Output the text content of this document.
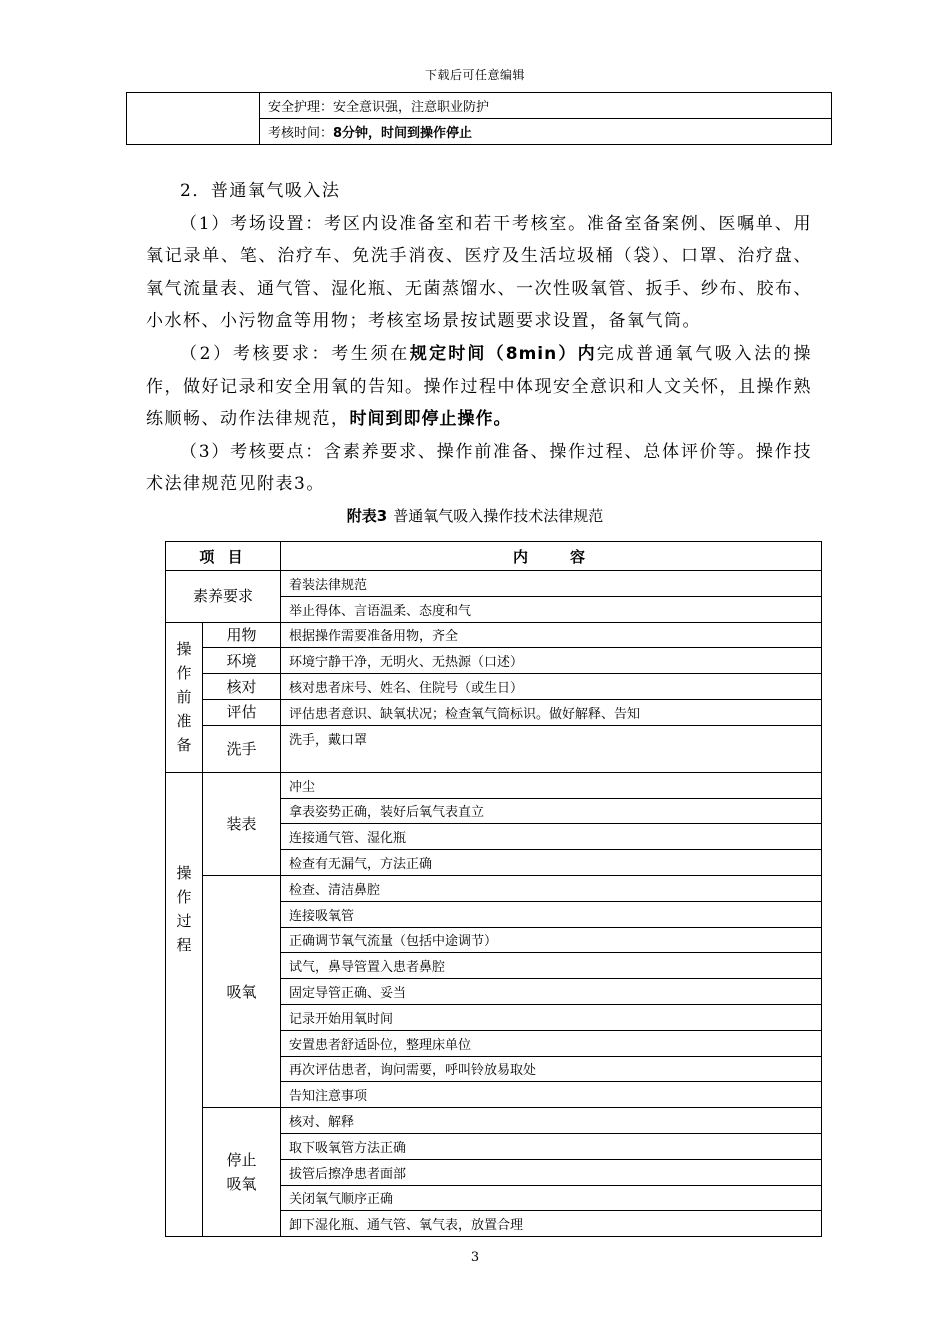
下载后可任意编辑
	安全护理：安全意识强，注意职业防护
考核时间：8分钟，时间到操作停止

2．普通氧气吸入法

（1）考场设置：考区内设准备室和若干考核室。准备室备案例、医嘱单、用氧记录单、笔、治疗车、免洗手消夜、医疗及生活垃圾桶（袋）、口罩、治疗盘、氧气流量表、通气管、湿化瓶、无菌蒸馏水、一次性吸氧管、扳手、纱布、胶布、小水杯、小污物盒等用物；考核室场景按试题要求设置，备氧气筒。

（2）考核要求：考生须在规定时间（8min）内完成普通氧气吸入法的操作，做好记录和安全用氧的告知。操作过程中体现安全意识和人文关怀，且操作熟练顺畅、动作法律规范，时间到即停止操作。

（3）考核要点：含素养要求、操作前准备、操作过程、总体评价等。操作技术法律规范见附表3。

附表3 普通氧气吸入操作技术法律规范
项 目		内　　容
素养要求		着装法律规范
		举止得体、言语温柔、态度和气

操
作
前
准
备	用物	根据操作需要准备用物，齐全
	环境	环境宁静干净，无明火、无热源（口述）
	核对	核对患者床号、姓名、住院号（或生日）
	评估	评估患者意识、缺氧状况；检查氧气筒标识。做好解释、告知
	洗手	洗手，戴口罩

操
作
过
程	装表	冲尘
		拿表姿势正确，装好后氧气表直立
		连接通气管、湿化瓶
		检查有无漏气，方法正确
	吸氧	检查、清洁鼻腔
		连接吸氧管
		正确调节氧气流量（包括中途调节）
		试气，鼻导管置入患者鼻腔
		固定导管正确、妥当
		记录开始用氧时间
		安置患者舒适卧位，整理床单位
		再次评估患者，询问需要，呼叫铃放易取处
		告知注意事项

	停止
吸氧	核对、解释
		取下吸氧管方法正确
		拔管后擦净患者面部
		关闭氧气顺序正确
		卸下湿化瓶、通气管、氧气表，放置合理
3
